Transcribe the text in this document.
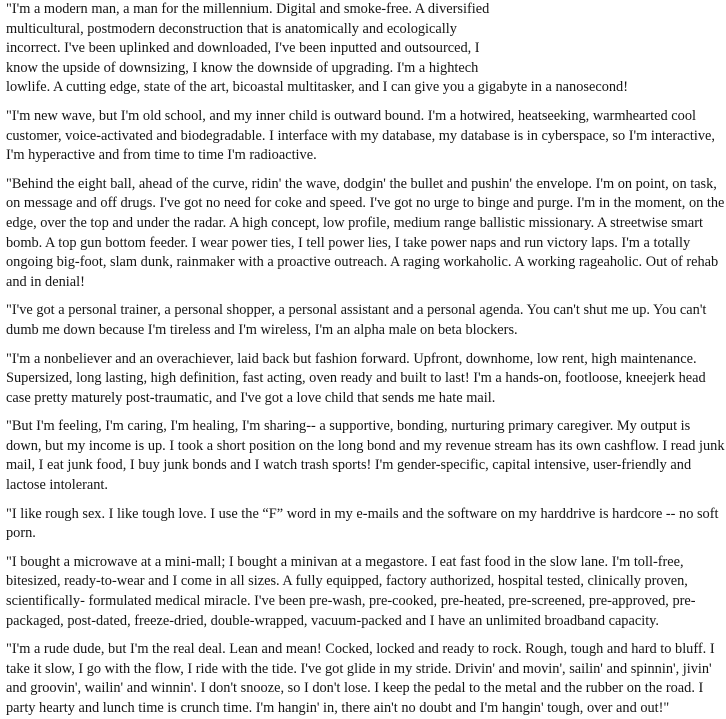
"I'm a modern man, a man for the millennium. Digital and smoke-free. A diversified
multicultural, postmodern deconstruction that is anatomically and ecologically
incorrect. I've been uplinked and downloaded, I've been inputted and outsourced, I
know the upside of downsizing, I know the downside of upgrading. I'm a hightech
lowlife. A cutting edge, state of the art, bicoastal multitasker, and I can give you a gigabyte in a nanosecond!
"I'm new wave, but I'm old school, and my inner child is outward bound. I'm a hotwired, heatseeking, warmhearted cool
customer, voice-activated and biodegradable. I interface with my database, my database is in cyberspace, so I'm interactive,
I'm hyperactive and from time to time I'm radioactive.
"Behind the eight ball, ahead of the curve, ridin' the wave, dodgin' the bullet and pushin' the envelope. I'm on point, on task,
on message and off drugs. I've got no need for coke and speed. I've got no urge to binge and purge. I'm in the moment, on the
edge, over the top and under the radar. A high concept, low profile, medium range ballistic missionary. A streetwise smart
bomb. A top gun bottom feeder. I wear power ties, I tell power lies, I take power naps and run victory laps. I'm a totally
ongoing big-foot, slam dunk, rainmaker with a proactive outreach. A raging workaholic. A working rageaholic. Out of rehab
and in denial!
"I've got a personal trainer, a personal shopper, a personal assistant and a personal agenda. You can't shut me up. You can't
dumb me down because I'm tireless and I'm wireless, I'm an alpha male on beta blockers.
"I'm a nonbeliever and an overachiever, laid back but fashion forward. Upfront, downhome, low rent, high maintenance.
Supersized, long lasting, high definition, fast acting, oven ready and built to last! I'm a hands-on, footloose, kneejerk head
case pretty maturely post-traumatic, and I've got a love child that sends me hate mail.
"But I'm feeling, I'm caring, I'm healing, I'm sharing-- a supportive, bonding, nurturing primary caregiver. My output is
down, but my income is up. I took a short position on the long bond and my revenue stream has its own cashflow. I read junk
mail, I eat junk food, I buy junk bonds and I watch trash sports! I'm gender-specific, capital intensive, user-friendly and
lactose intolerant.
"I like rough sex. I like tough love. I use the “F” word in my e-mails and the software on my harddrive is hardcore -- no soft
porn.
"I bought a microwave at a mini-mall; I bought a minivan at a megastore. I eat fast food in the slow lane. I'm toll-free,
bitesized, ready-to-wear and I come in all sizes. A fully equipped, factory authorized, hospital tested, clinically proven,
scientifically- formulated medical miracle. I've been pre-wash, pre-cooked, pre-heated, pre-screened, pre-approved, pre-
packaged, post-dated, freeze-dried, double-wrapped, vacuum-packed and I have an unlimited broadband capacity.
"I'm a rude dude, but I'm the real deal. Lean and mean! Cocked, locked and ready to rock. Rough, tough and hard to bluff. I
take it slow, I go with the flow, I ride with the tide. I've got glide in my stride. Drivin' and movin', sailin' and spinnin', jivin'
and groovin', wailin' and winnin'. I don't snooze, so I don't lose. I keep the pedal to the metal and the rubber on the road. I
party hearty and lunch time is crunch time. I'm hangin' in, there ain't no doubt and I'm hangin' tough, over and out!"
